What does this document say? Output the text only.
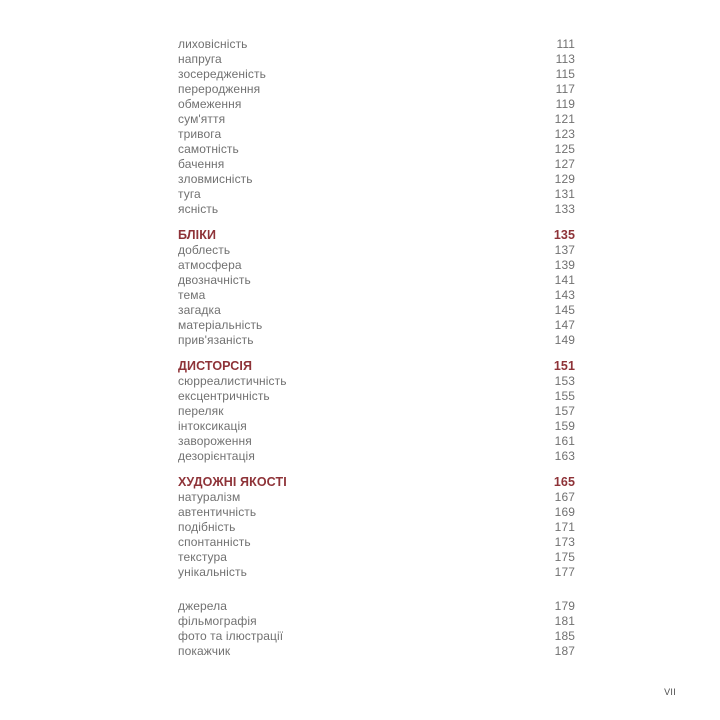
лиховісність	111
напруга	113
зосередженість	115
переродження	117
обмеження	119
сум'яття	121
тривога	123
самотність	125
бачення	127
зловмисність	129
туга	131
ясність	133
БЛІКИ	135
доблесть	137
атмосфера	139
двозначність	141
тема	143
загадка	145
матеріальність	147
прив'язаність	149
ДИСТОРСІЯ	151
сюрреалистичність	153
ексцентричність	155
переляк	157
інтоксикація	159
завороження	161
дезорієнтація	163
ХУДОЖНІ ЯКОСТІ	165
натуралізм	167
автентичність	169
подібність	171
спонтанність	173
текстура	175
унікальність	177
джерела	179
фільмографія	181
фото та ілюстрації	185
покажчик	187
VII
